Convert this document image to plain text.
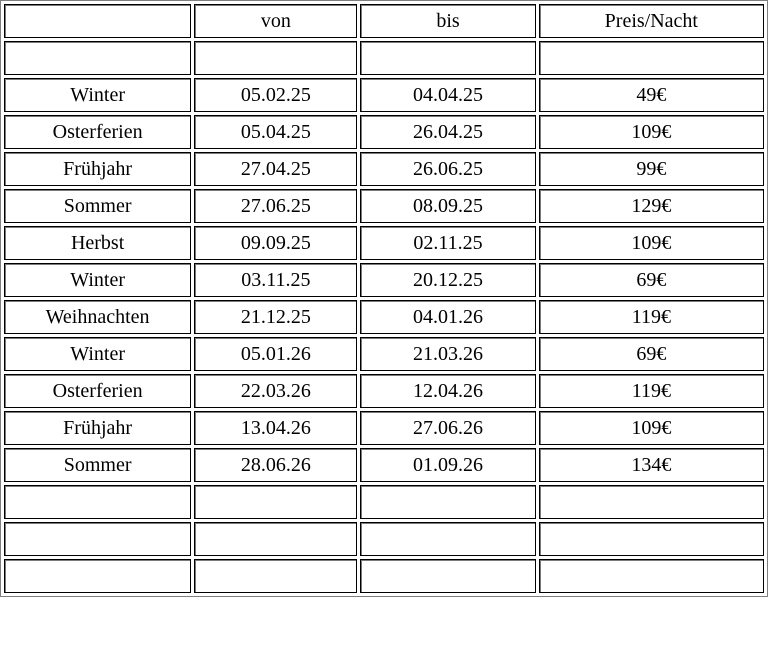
	von	bis	Preis/Nacht

Winter	05.02.25	04.04.25	49€
Osterferien	05.04.25	26.04.25	109€
Frühjahr	27.04.25	26.06.25	99€
Sommer	27.06.25	08.09.25	129€
Herbst	09.09.25	02.11.25	109€
Winter	03.11.25	20.12.25	69€
Weihnachten	21.12.25	04.01.26	119€
Winter	05.01.26	21.03.26	69€
Osterferien	22.03.26	12.04.26	119€
Frühjahr	13.04.26	27.06.26	109€
Sommer	28.06.26	01.09.26	134€
